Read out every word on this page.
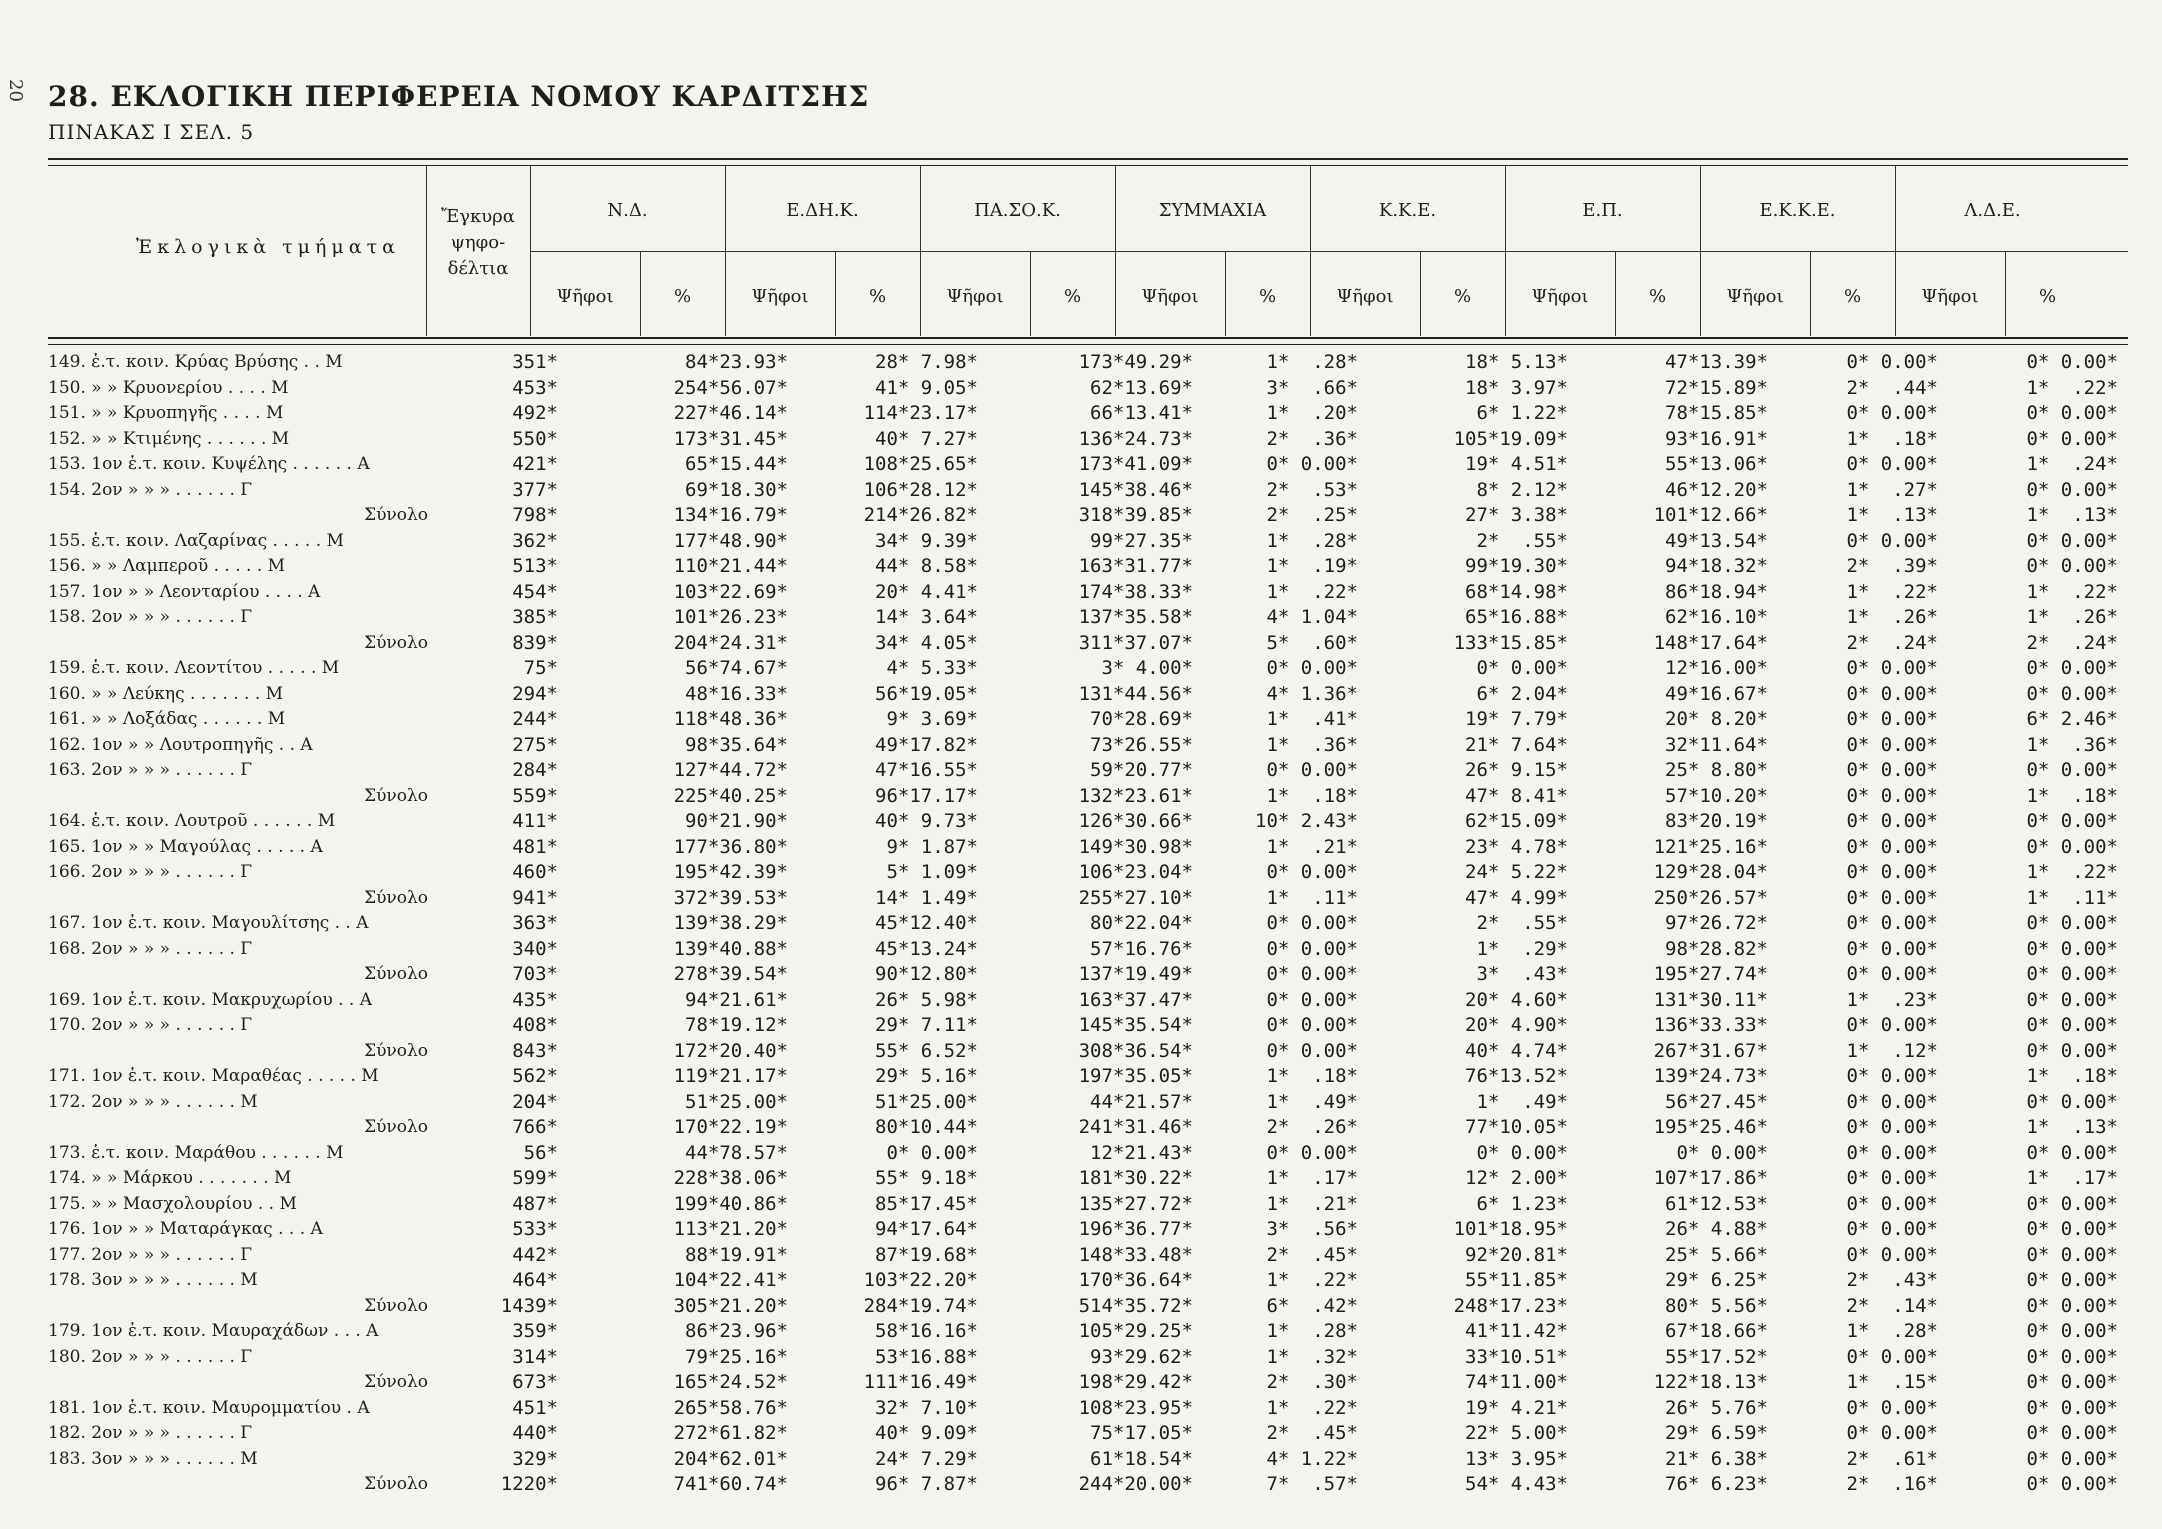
20 28. ΕΚΛΟΓΙΚΗ ΠΕΡΙΦΕΡΕΙΑ ΝΟΜΟΥ ΚΑΡΔΙΤΣΗΣ
ΠΙΝΑΚΑΣ Ι ΣΕΛ. 5
Ἐκλογικὰ τμήματα
Ἔγκυρα
ψηφο-
δέλτια
Ν.Δ.	Ε.ΔΗ.Κ.	ΠΑ.ΣΟ.Κ.	ΣΥΜΜΑΧΙΑ	Κ.Κ.Ε.	Ε.Π.	Ε.Κ.Κ.Ε.	Λ.Δ.Ε.
Ψῆφοι	%	Ψῆφοι	%	Ψῆφοι	%	Ψῆφοι	%	Ψῆφοι	%	Ψῆφοι	%	Ψῆφοι	%	Ψῆφοι	%
149. ἑ.τ. κοιν. Κρύας Βρύσης . . M	351*	84*23.93*	28* 7.98*	173*49.29*	1*  .28*	18* 5.13*	47*13.39*	0* 0.00*	0* 0.00*
150. » » Κρυονερίου . . . . M	453*	254*56.07*	41* 9.05*	62*13.69*	3*  .66*	18* 3.97*	72*15.89*	2*  .44*	1*  .22*
151. » » Κρυοπηγῆς . . . . M	492*	227*46.14*	114*23.17*	66*13.41*	1*  .20*	6* 1.22*	78*15.85*	0* 0.00*	0* 0.00*
152. » » Κτιμένης . . . . . . M	550*	173*31.45*	40* 7.27*	136*24.73*	2*  .36*	105*19.09*	93*16.91*	1*  .18*	0* 0.00*
153. 1ον ἑ.τ. κοιν. Κυψέλης . . . . . . A	421*	65*15.44*	108*25.65*	173*41.09*	0* 0.00*	19* 4.51*	55*13.06*	0* 0.00*	1*  .24*
154. 2ον » » » . . . . . . Γ	377*	69*18.30*	106*28.12*	145*38.46*	2*  .53*	8* 2.12*	46*12.20*	1*  .27*	0* 0.00*
Σύνολο	798*	134*16.79*	214*26.82*	318*39.85*	2*  .25*	27* 3.38*	101*12.66*	1*  .13*	1*  .13*
155. ἑ.τ. κοιν. Λαζαρίνας . . . . . M	362*	177*48.90*	34* 9.39*	99*27.35*	1*  .28*	2*  .55*	49*13.54*	0* 0.00*	0* 0.00*
156. » » Λαμπεροῦ . . . . . M	513*	110*21.44*	44* 8.58*	163*31.77*	1*  .19*	99*19.30*	94*18.32*	2*  .39*	0* 0.00*
157. 1ον » » Λεονταρίου . . . . A	454*	103*22.69*	20* 4.41*	174*38.33*	1*  .22*	68*14.98*	86*18.94*	1*  .22*	1*  .22*
158. 2ον » » » . . . . . . Γ	385*	101*26.23*	14* 3.64*	137*35.58*	4* 1.04*	65*16.88*	62*16.10*	1*  .26*	1*  .26*
Σύνολο	839*	204*24.31*	34* 4.05*	311*37.07*	5*  .60*	133*15.85*	148*17.64*	2*  .24*	2*  .24*
159. ἑ.τ. κοιν. Λεοντίτου . . . . . M	75*	56*74.67*	4* 5.33*	3* 4.00*	0* 0.00*	0* 0.00*	12*16.00*	0* 0.00*	0* 0.00*
160. » » Λεύκης . . . . . . . M	294*	48*16.33*	56*19.05*	131*44.56*	4* 1.36*	6* 2.04*	49*16.67*	0* 0.00*	0* 0.00*
161. » » Λοξάδας . . . . . . M	244*	118*48.36*	9* 3.69*	70*28.69*	1*  .41*	19* 7.79*	20* 8.20*	0* 0.00*	6* 2.46*
162. 1ον » » Λουτροπηγῆς . . A	275*	98*35.64*	49*17.82*	73*26.55*	1*  .36*	21* 7.64*	32*11.64*	0* 0.00*	1*  .36*
163. 2ον » » » . . . . . . Γ	284*	127*44.72*	47*16.55*	59*20.77*	0* 0.00*	26* 9.15*	25* 8.80*	0* 0.00*	0* 0.00*
Σύνολο	559*	225*40.25*	96*17.17*	132*23.61*	1*  .18*	47* 8.41*	57*10.20*	0* 0.00*	1*  .18*
164. ἑ.τ. κοιν. Λουτροῦ . . . . . . M	411*	90*21.90*	40* 9.73*	126*30.66*	10* 2.43*	62*15.09*	83*20.19*	0* 0.00*	0* 0.00*
165. 1ον » » Μαγούλας . . . . . A	481*	177*36.80*	9* 1.87*	149*30.98*	1*  .21*	23* 4.78*	121*25.16*	0* 0.00*	0* 0.00*
166. 2ον » » » . . . . . . Γ	460*	195*42.39*	5* 1.09*	106*23.04*	0* 0.00*	24* 5.22*	129*28.04*	0* 0.00*	1*  .22*
Σύνολο	941*	372*39.53*	14* 1.49*	255*27.10*	1*  .11*	47* 4.99*	250*26.57*	0* 0.00*	1*  .11*
167. 1ον ἑ.τ. κοιν. Μαγουλίτσης . . A	363*	139*38.29*	45*12.40*	80*22.04*	0* 0.00*	2*  .55*	97*26.72*	0* 0.00*	0* 0.00*
168. 2ον » » » . . . . . . Γ	340*	139*40.88*	45*13.24*	57*16.76*	0* 0.00*	1*  .29*	98*28.82*	0* 0.00*	0* 0.00*
Σύνολο	703*	278*39.54*	90*12.80*	137*19.49*	0* 0.00*	3*  .43*	195*27.74*	0* 0.00*	0* 0.00*
169. 1ον ἑ.τ. κοιν. Μακρυχωρίου . . A	435*	94*21.61*	26* 5.98*	163*37.47*	0* 0.00*	20* 4.60*	131*30.11*	1*  .23*	0* 0.00*
170. 2ον » » » . . . . . . Γ	408*	78*19.12*	29* 7.11*	145*35.54*	0* 0.00*	20* 4.90*	136*33.33*	0* 0.00*	0* 0.00*
Σύνολο	843*	172*20.40*	55* 6.52*	308*36.54*	0* 0.00*	40* 4.74*	267*31.67*	1*  .12*	0* 0.00*
171. 1ον ἑ.τ. κοιν. Μαραθέας . . . . . M	562*	119*21.17*	29* 5.16*	197*35.05*	1*  .18*	76*13.52*	139*24.73*	0* 0.00*	1*  .18*
172. 2ον » » » . . . . . . M	204*	51*25.00*	51*25.00*	44*21.57*	1*  .49*	1*  .49*	56*27.45*	0* 0.00*	0* 0.00*
Σύνολο	766*	170*22.19*	80*10.44*	241*31.46*	2*  .26*	77*10.05*	195*25.46*	0* 0.00*	1*  .13*
173. ἑ.τ. κοιν. Μαράθου . . . . . . M	56*	44*78.57*	0* 0.00*	12*21.43*	0* 0.00*	0* 0.00*	0* 0.00*	0* 0.00*	0* 0.00*
174. » » Μάρκου . . . . . . . M	599*	228*38.06*	55* 9.18*	181*30.22*	1*  .17*	12* 2.00*	107*17.86*	0* 0.00*	1*  .17*
175. » » Μασχολουρίου . . M	487*	199*40.86*	85*17.45*	135*27.72*	1*  .21*	6* 1.23*	61*12.53*	0* 0.00*	0* 0.00*
176. 1ον » » Ματαράγκας . . . A	533*	113*21.20*	94*17.64*	196*36.77*	3*  .56*	101*18.95*	26* 4.88*	0* 0.00*	0* 0.00*
177. 2ον » » » . . . . . . Γ	442*	88*19.91*	87*19.68*	148*33.48*	2*  .45*	92*20.81*	25* 5.66*	0* 0.00*	0* 0.00*
178. 3ον » » » . . . . . . M	464*	104*22.41*	103*22.20*	170*36.64*	1*  .22*	55*11.85*	29* 6.25*	2*  .43*	0* 0.00*
Σύνολο	1439*	305*21.20*	284*19.74*	514*35.72*	6*  .42*	248*17.23*	80* 5.56*	2*  .14*	0* 0.00*
179. 1ον ἑ.τ. κοιν. Μαυραχάδων . . . A	359*	86*23.96*	58*16.16*	105*29.25*	1*  .28*	41*11.42*	67*18.66*	1*  .28*	0* 0.00*
180. 2ον » » » . . . . . . Γ	314*	79*25.16*	53*16.88*	93*29.62*	1*  .32*	33*10.51*	55*17.52*	0* 0.00*	0* 0.00*
Σύνολο	673*	165*24.52*	111*16.49*	198*29.42*	2*  .30*	74*11.00*	122*18.13*	1*  .15*	0* 0.00*
181. 1ον ἑ.τ. κοιν. Μαυρομματίου . A	451*	265*58.76*	32* 7.10*	108*23.95*	1*  .22*	19* 4.21*	26* 5.76*	0* 0.00*	0* 0.00*
182. 2ον » » » . . . . . . Γ	440*	272*61.82*	40* 9.09*	75*17.05*	2*  .45*	22* 5.00*	29* 6.59*	0* 0.00*	0* 0.00*
183. 3ον » » » . . . . . . M	329*	204*62.01*	24* 7.29*	61*18.54*	4* 1.22*	13* 3.95*	21* 6.38*	2*  .61*	0* 0.00*
Σύνολο	1220*	741*60.74*	96* 7.87*	244*20.00*	7*  .57*	54* 4.43*	76* 6.23*	2*  .16*	0* 0.00*
